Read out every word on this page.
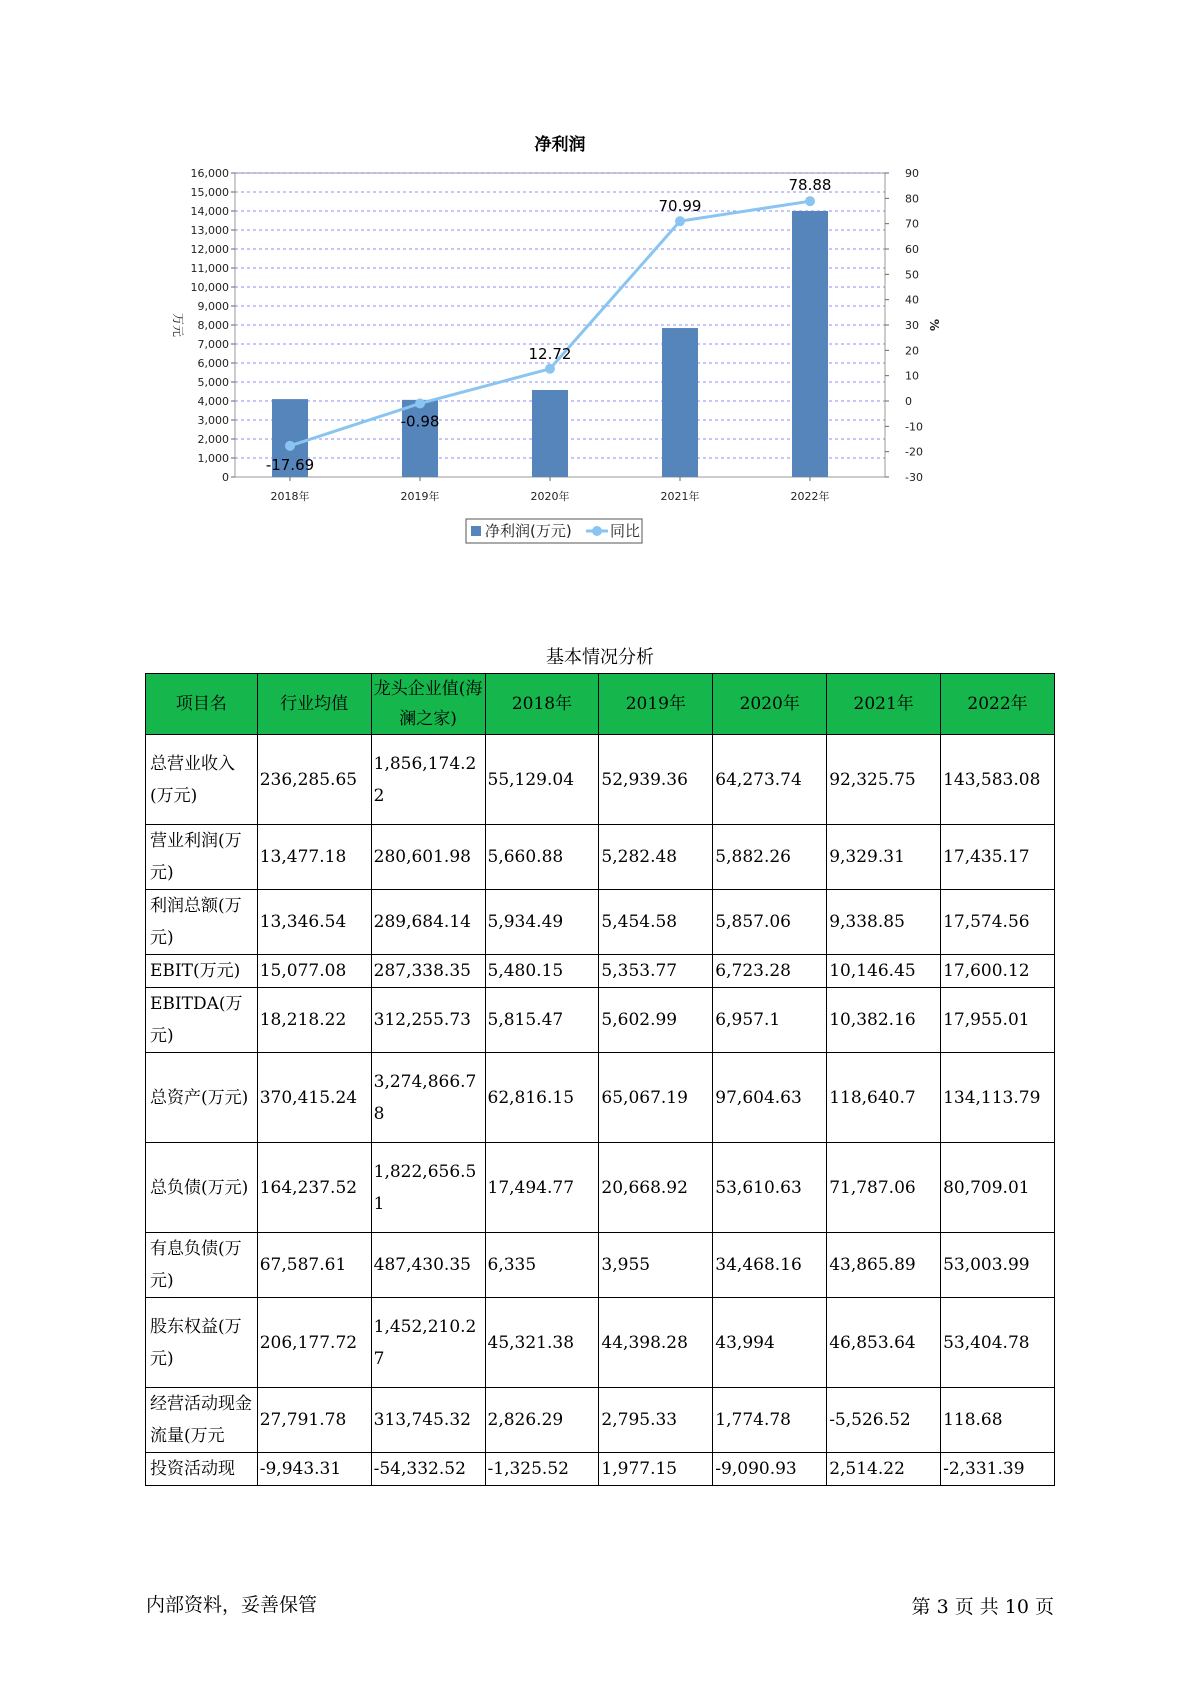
净利润
0
1,000
2,000
3,000
4,000
5,000
6,000
7,000
8,000
9,000
10,000
11,000
12,000
13,000
14,000
15,000
16,000
-30
-20
-10
0
10
20
30
40
50
60
70
80
90
万元	%
2018年	2019年	2020年	2021年	2022年
-17.69
-0.98
12.72
70.99
78.88
净利润(万元)	同比
基本情况分析
项目名	行业均值	龙头企业值(海澜之家)	2018年	2019年	2020年	2021年	2022年
总营业收入(万元)	236,285.65	1,856,174.22	55,129.04	52,939.36	64,273.74	92,325.75	143,583.08
营业利润(万元)	13,477.18	280,601.98	5,660.88	5,282.48	5,882.26	9,329.31	17,435.17
利润总额(万元)	13,346.54	289,684.14	5,934.49	5,454.58	5,857.06	9,338.85	17,574.56
EBIT(万元)	15,077.08	287,338.35	5,480.15	5,353.77	6,723.28	10,146.45	17,600.12
EBITDA(万元)	18,218.22	312,255.73	5,815.47	5,602.99	6,957.1	10,382.16	17,955.01
总资产(万元)	370,415.24	3,274,866.78	62,816.15	65,067.19	97,604.63	118,640.7	134,113.79
总负债(万元)	164,237.52	1,822,656.51	17,494.77	20,668.92	53,610.63	71,787.06	80,709.01
有息负债(万元)	67,587.61	487,430.35	6,335	3,955	34,468.16	43,865.89	53,003.99
股东权益(万元)	206,177.72	1,452,210.27	45,321.38	44,398.28	43,994	46,853.64	53,404.78
经营活动现金流量(万元	27,791.78	313,745.32	2,826.29	2,795.33	1,774.78	-5,526.52	118.68
投资活动现	-9,943.31	-54,332.52	-1,325.52	1,977.15	-9,090.93	2,514.22	-2,331.39
内部资料，妥善保管	第 3 页 共 10 页
